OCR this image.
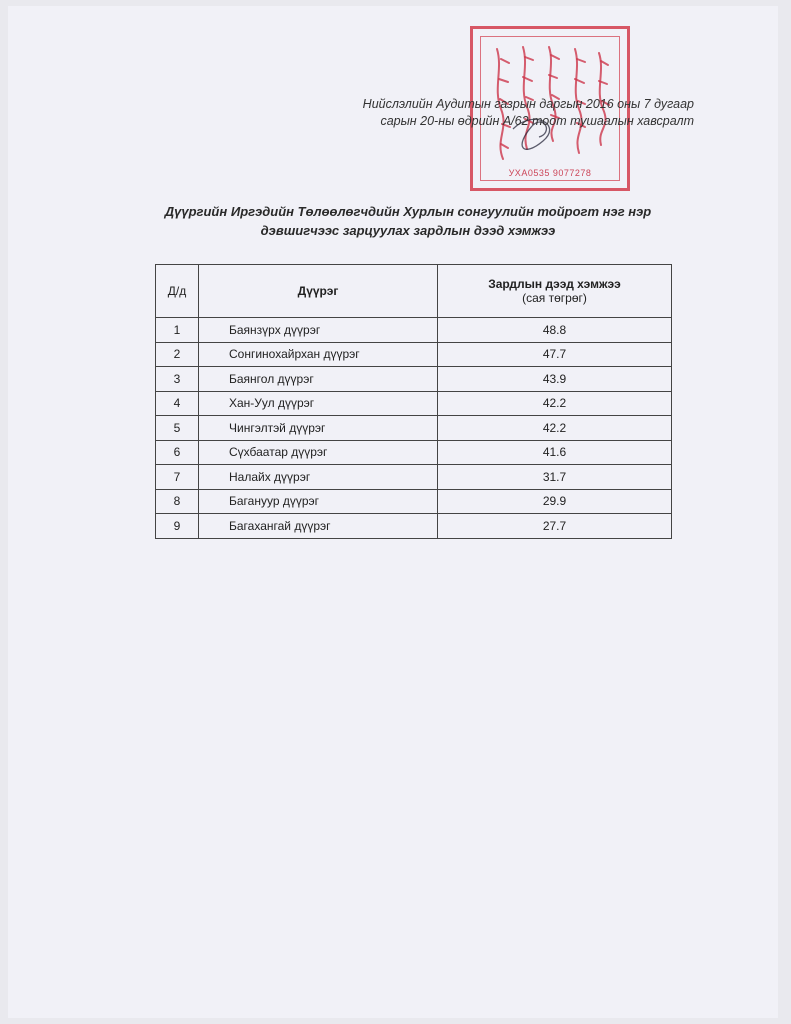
УХА0535 9077278
Нийслэлийн Аудитын газрын даргын 2016 оны 7 дугаар
сарын 20-ны өдрийн А/62 тоот тушаалын хавсралт
Дүүргийн Иргэдийн Төлөөлөгчдийн Хурлын сонгуулийн тойрогт нэг нэр
дэвшигчээс зарцуулах зардлын дээд хэмжээ
Д/д	Дүүрэг	Зардлын дээд хэмжээ
(сая төгрөг)

1	Баянзүрх дүүрэг	48.8
2	Сонгинохайрхан дүүрэг	47.7
3	Баянгол дүүрэг	43.9
4	Хан-Уул дүүрэг	42.2
5	Чингэлтэй дүүрэг	42.2
6	Сүхбаатар дүүрэг	41.6
7	Налайх дүүрэг	31.7
8	Багануур дүүрэг	29.9
9	Багахангай дүүрэг	27.7
